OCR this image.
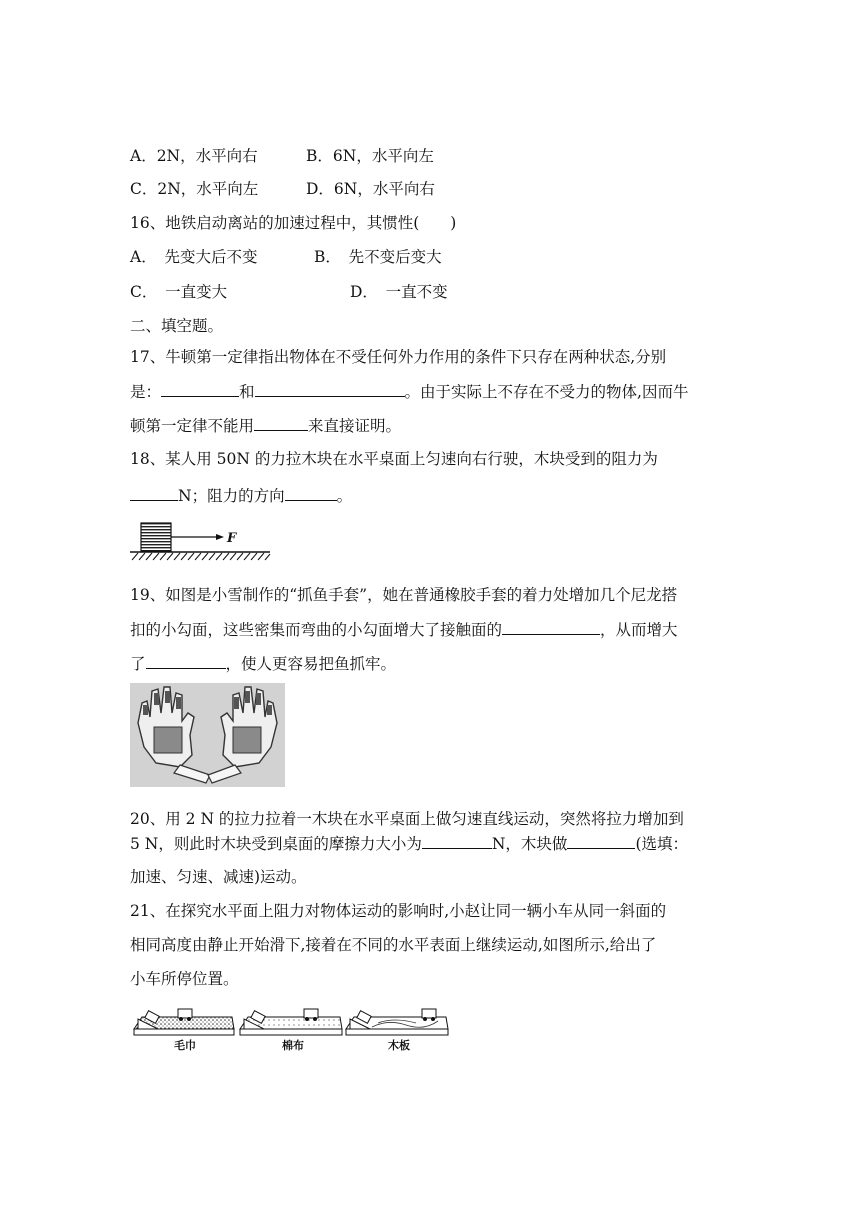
A．2N，水平向右	B．6N，水平向左
C．2N，水平向左	D．6N，水平向右
16、地铁启动离站的加速过程中，其惯性(　　)
A．　先变大后不变	B．　先不变后变大
C．　一直变大	D．　一直不变
二、填空题。
17、牛顿第一定律指出物体在不受任何外力作用的条件下只存在两种状态,分别
是：	和	。由于实际上不存在不受力的物体,因而牛
顿第一定律不能用	来直接证明。
18、某人用 50N 的力拉木块在水平桌面上匀速向右行驶，木块受到的阻力为
N；阻力的方向	。
F
19、如图是小雪制作的“抓鱼手套”，她在普通橡胶手套的着力处增加几个尼龙搭
扣的小勾面，这些密集而弯曲的小勾面增大了接触面的	，从而增大
了	，使人更容易把鱼抓牢。
20、用 2 N 的拉力拉着一木块在水平桌面上做匀速直线运动，突然将拉力增加到
5 N，则此时木块受到桌面的摩擦力大小为	N，木块做	(选填：
加速、匀速、减速)运动。
21、在探究水平面上阻力对物体运动的影响时,小赵让同一辆小车从同一斜面的
相同高度由静止开始滑下,接着在不同的水平表面上继续运动,如图所示,给出了
小车所停位置。
毛巾	棉布	木板
